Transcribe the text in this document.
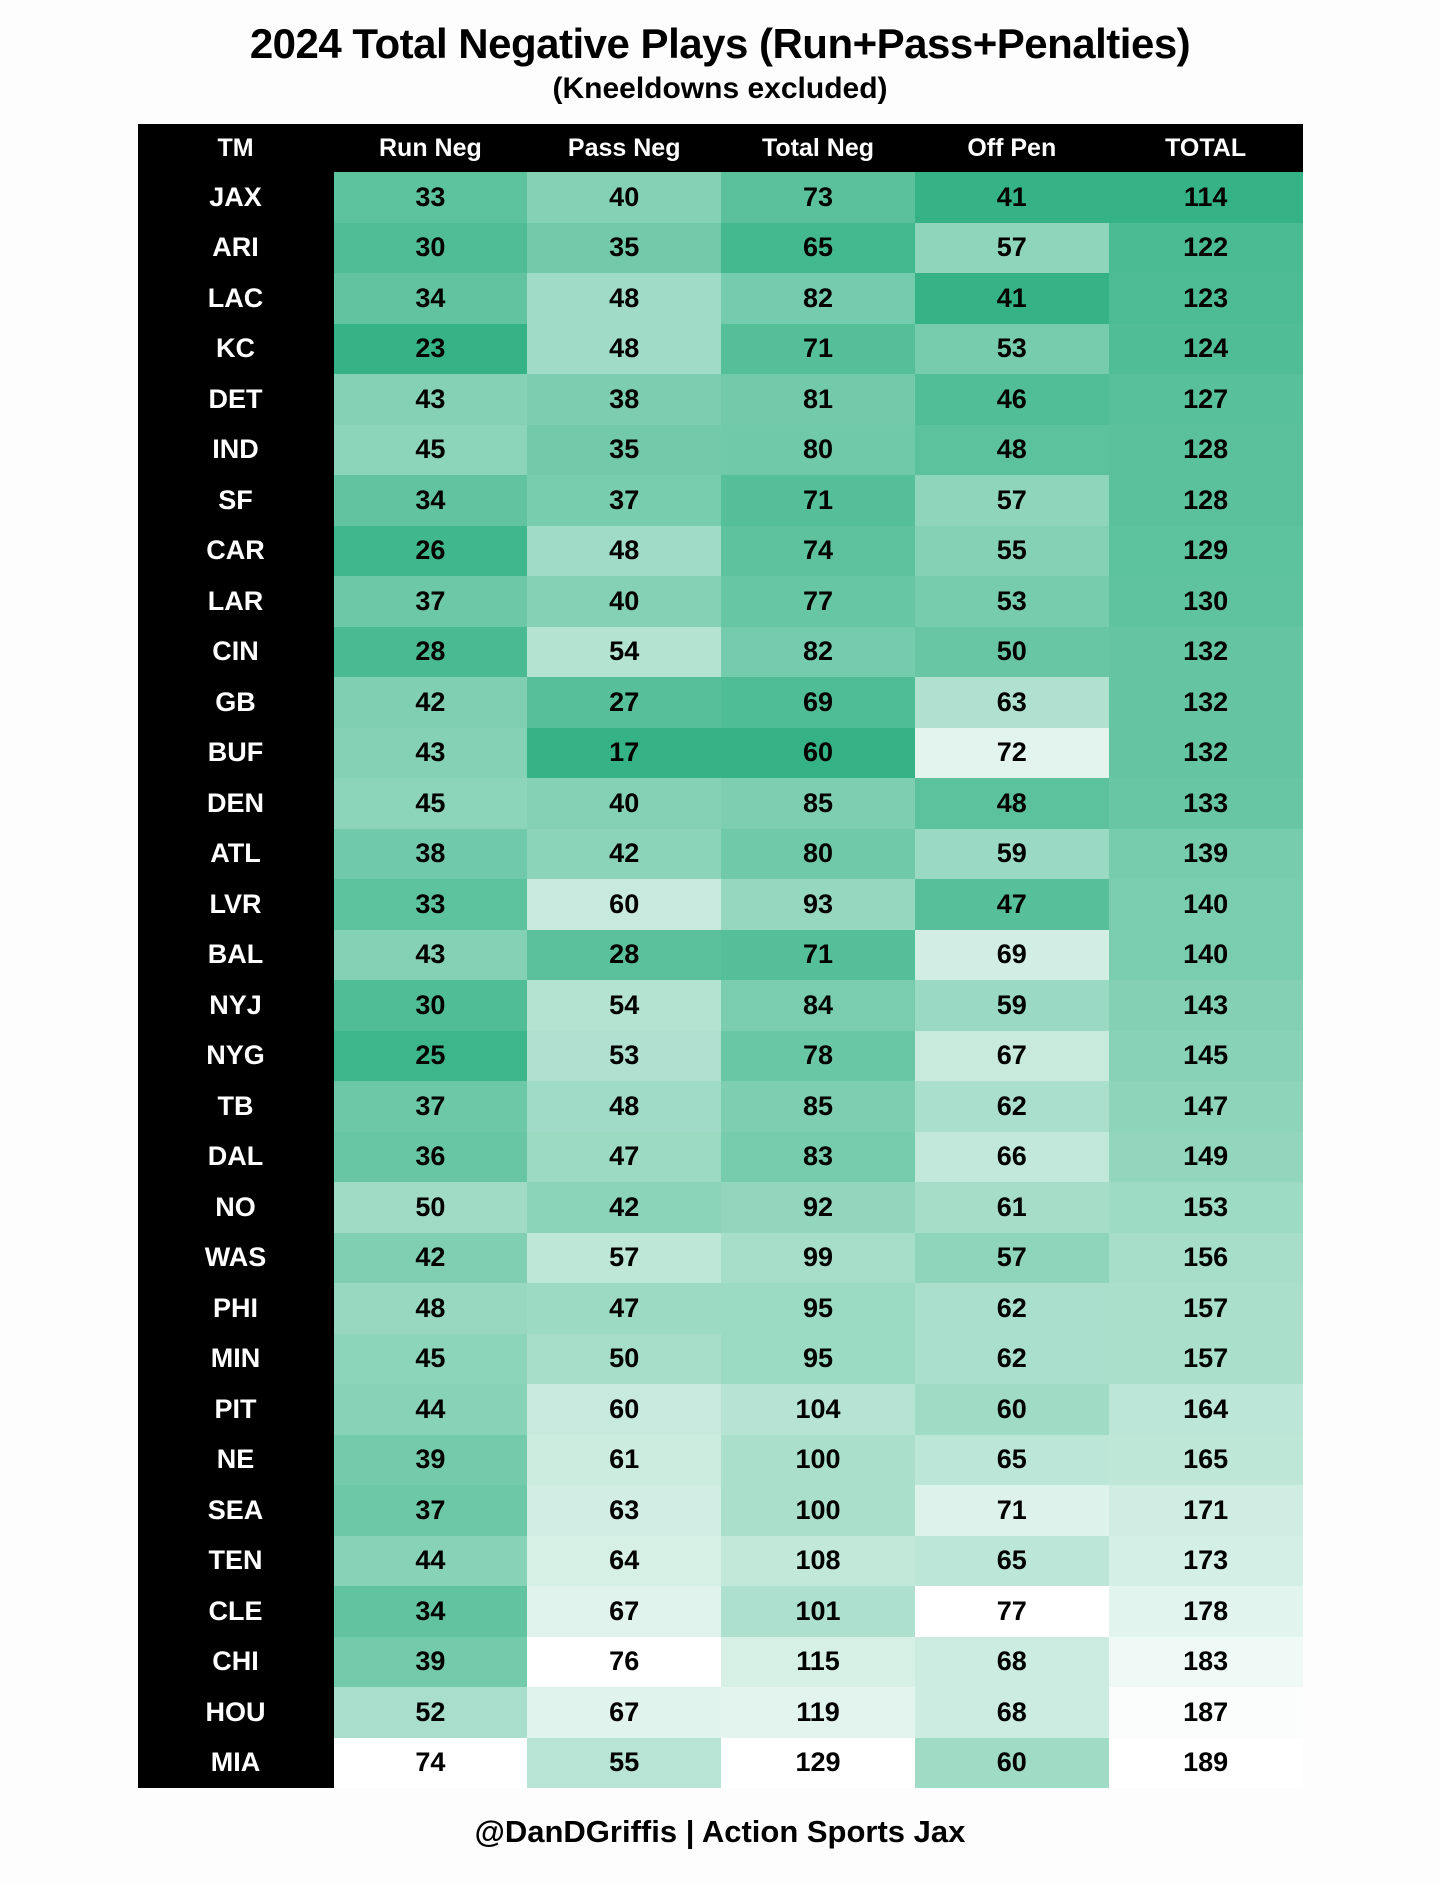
2024 Total Negative Plays (Run+Pass+Penalties)
(Kneeldowns excluded)
TM	Run Neg	Pass Neg	Total Neg	Off Pen	TOTAL
JAX	33	40	73	41	114
ARI	30	35	65	57	122
LAC	34	48	82	41	123
KC	23	48	71	53	124
DET	43	38	81	46	127
IND	45	35	80	48	128
SF	34	37	71	57	128
CAR	26	48	74	55	129
LAR	37	40	77	53	130
CIN	28	54	82	50	132
GB	42	27	69	63	132
BUF	43	17	60	72	132
DEN	45	40	85	48	133
ATL	38	42	80	59	139
LVR	33	60	93	47	140
BAL	43	28	71	69	140
NYJ	30	54	84	59	143
NYG	25	53	78	67	145
TB	37	48	85	62	147
DAL	36	47	83	66	149
NO	50	42	92	61	153
WAS	42	57	99	57	156
PHI	48	47	95	62	157
MIN	45	50	95	62	157
PIT	44	60	104	60	164
NE	39	61	100	65	165
SEA	37	63	100	71	171
TEN	44	64	108	65	173
CLE	34	67	101	77	178
CHI	39	76	115	68	183
HOU	52	67	119	68	187
MIA	74	55	129	60	189
@DanDGriffis | Action Sports Jax
